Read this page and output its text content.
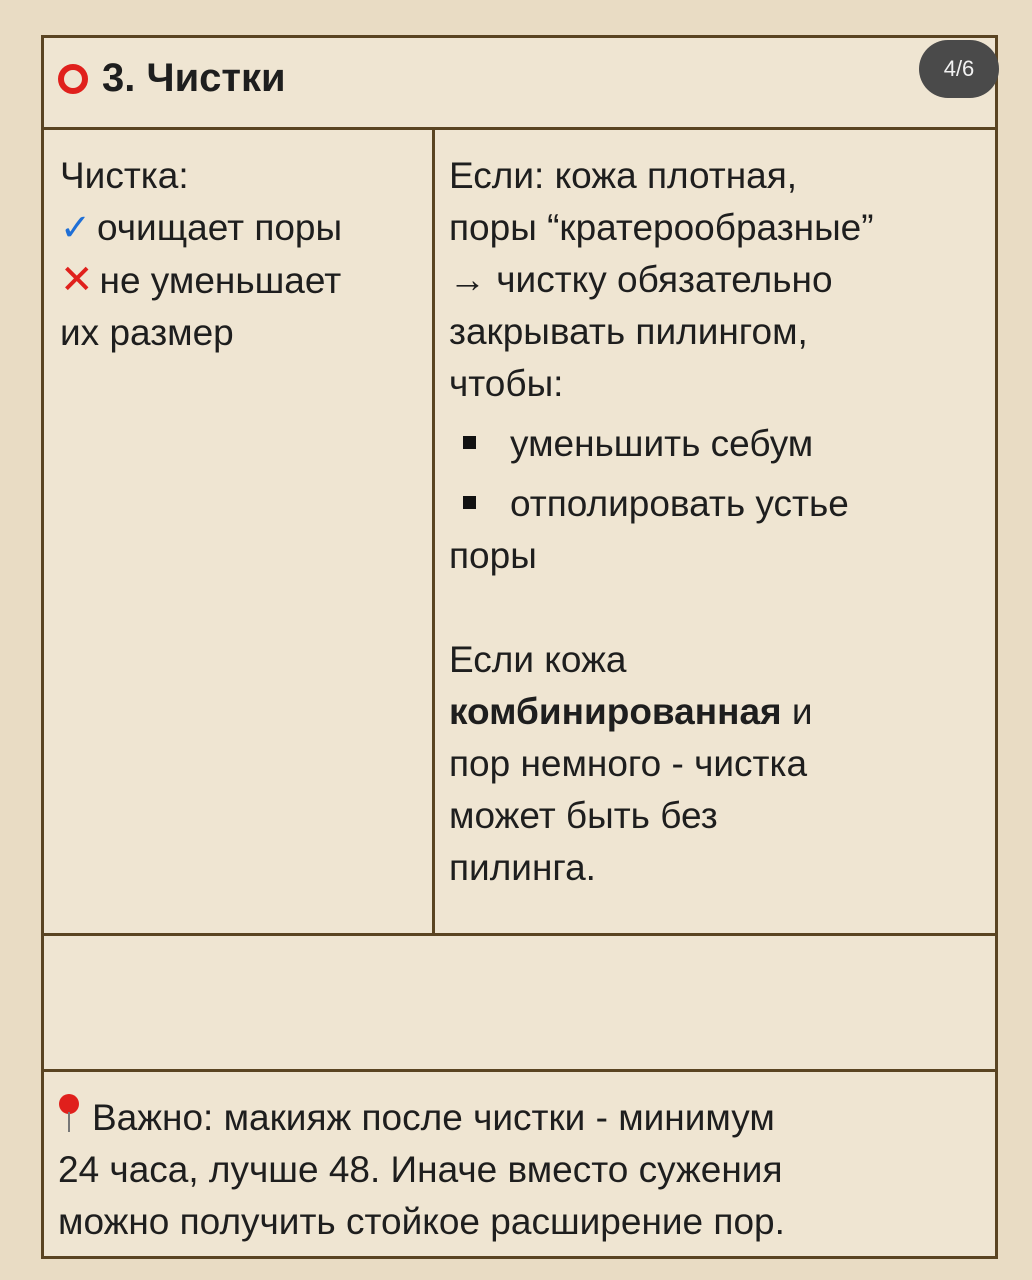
3. Чистки	4/6
Чистка:
✓ очищает поры
✕ не уменьшает
их размер
Если: кожа плотная,
поры “кратерообразные”
→ чистку обязательно
закрывать пилингом,
чтобы:
уменьшить себум
отполировать устье
поры
Если кожа
комбинированная и
пор немного - чистка
может быть без
пилинга.
Важно: макияж после чистки - минимум
24 часа, лучше 48. Иначе вместо сужения
можно получить стойкое расширение пор.
